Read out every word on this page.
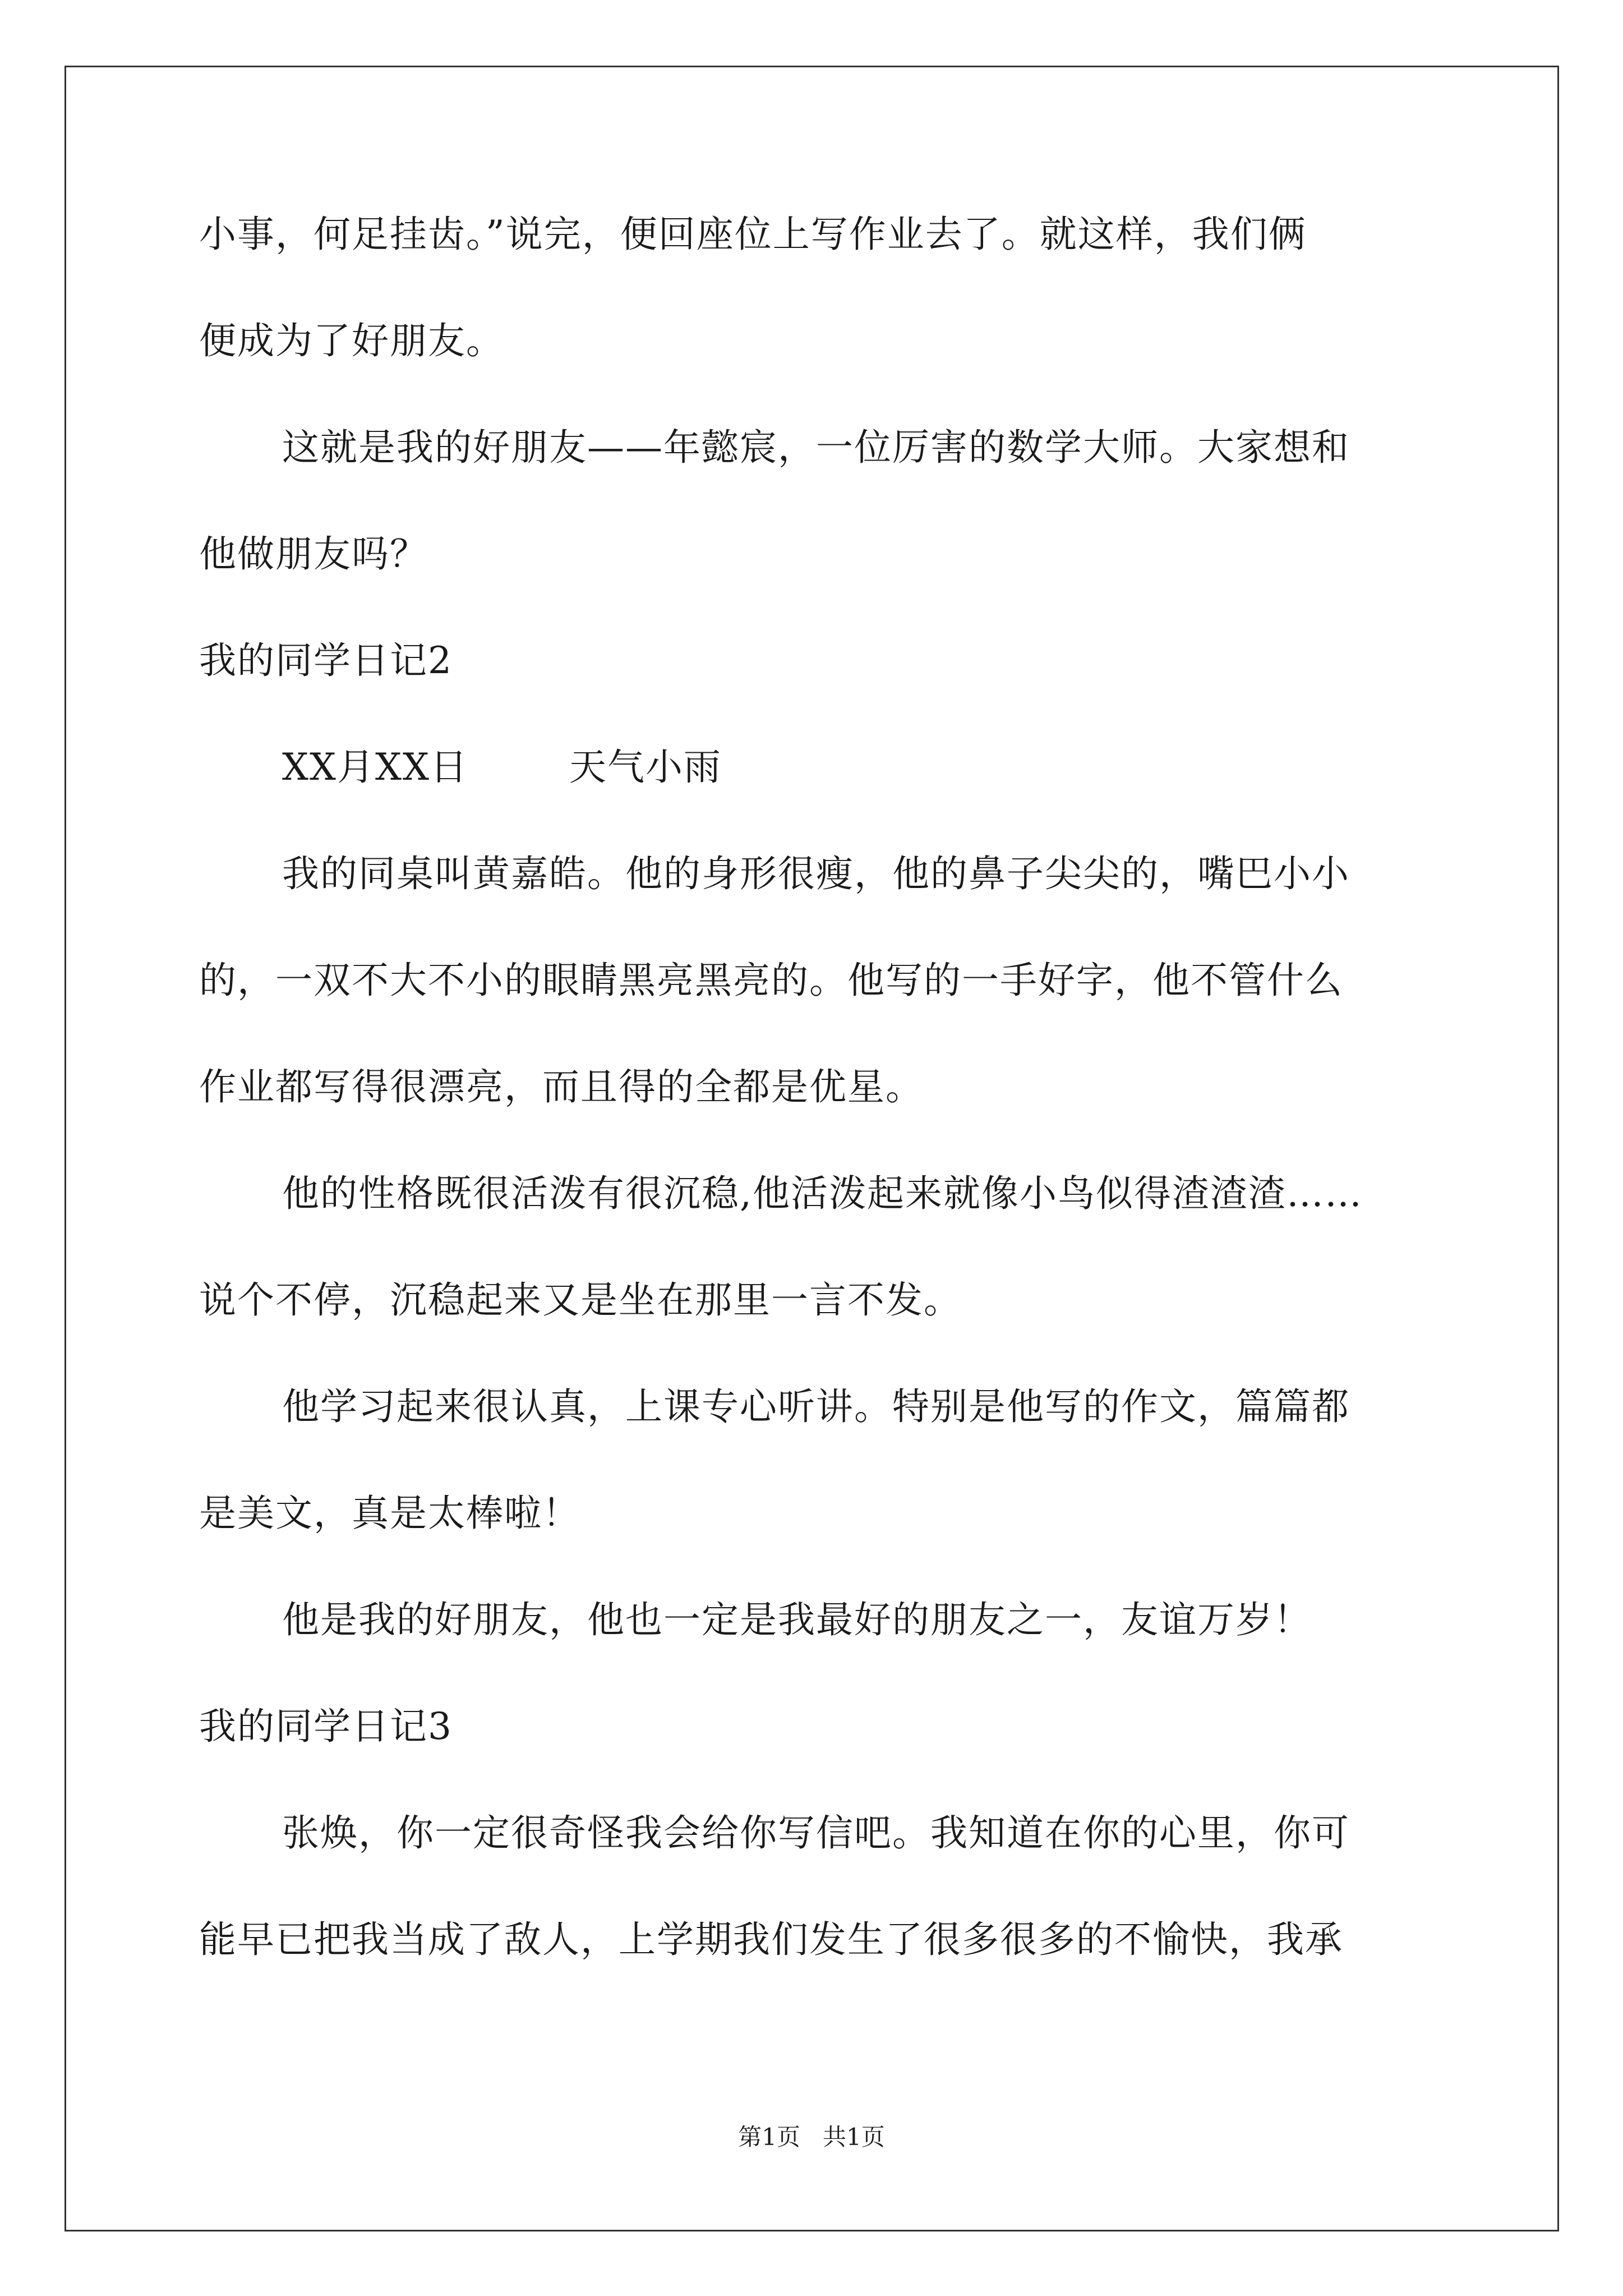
小事，何足挂齿。”说完，便回座位上写作业去了。就这样，我们俩
便成为了好朋友。
这就是我的好朋友——年懿宸，一位厉害的数学大师。大家想和
他做朋友吗？
我的同学日记2
XX月XX日	天气小雨
我的同桌叫黄嘉皓。他的身形很瘦，他的鼻子尖尖的，嘴巴小小
的，一双不大不小的眼睛黑亮黑亮的。他写的一手好字，他不管什么
作业都写得很漂亮，而且得的全都是优星。
他的性格既很活泼有很沉稳,他活泼起来就像小鸟似得渣渣渣……
说个不停，沉稳起来又是坐在那里一言不发。
他学习起来很认真，上课专心听讲。特别是他写的作文，篇篇都
是美文，真是太棒啦！
他是我的好朋友，他也一定是我最好的朋友之一，友谊万岁！
我的同学日记3
张焕，你一定很奇怪我会给你写信吧。我知道在你的心里，你可
能早已把我当成了敌人，上学期我们发生了很多很多的不愉快，我承
第1页 共1页
